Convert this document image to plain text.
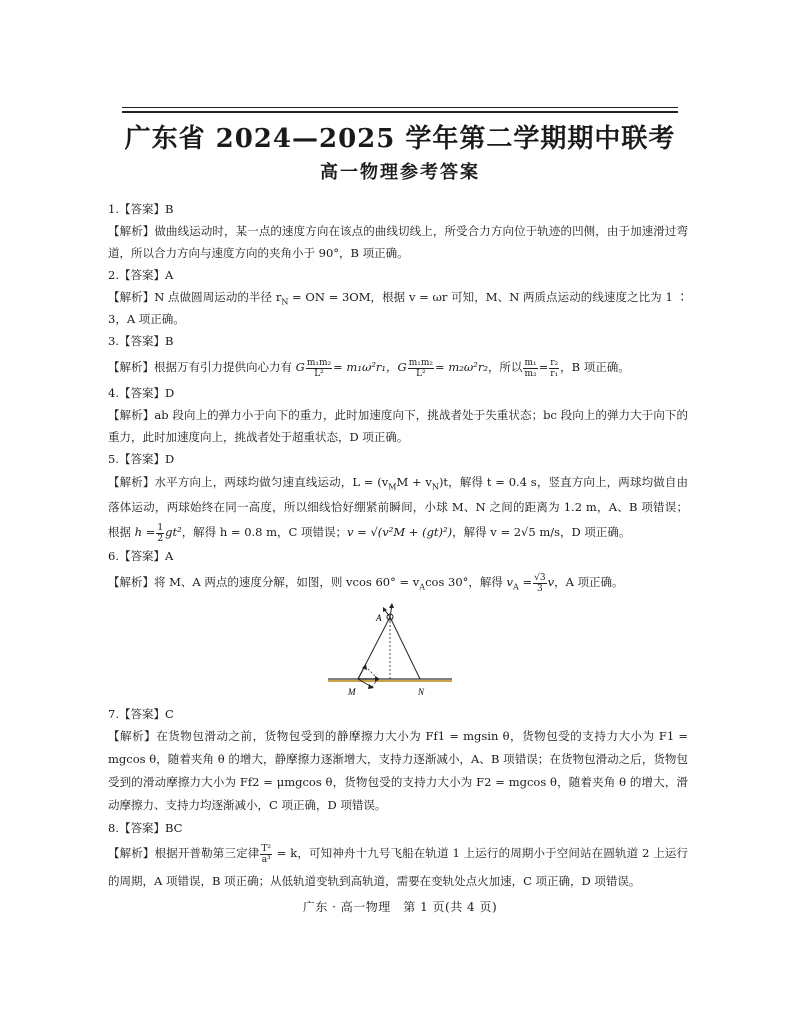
广东省 2024—2025 学年第二学期期中联考
高一物理参考答案
1.【答案】B
【解析】做曲线运动时，某一点的速度方向在该点的曲线切线上，所受合力方向位于轨迹的凹侧，由于加速滑过弯道，所以合力方向与速度方向的夹角小于 90°，B 项正确。
2.【答案】A
【解析】N 点做圆周运动的半径 $r_N$ = ON = 3OM，根据 v = ωr 可知，M、N 两质点运动的线速度之比为 1 ∶ 3，A 项正确。
3.【答案】B
【解析】根据万有引力提供向心力有 G $\frac{\text{m₁m₂}}{\text{L²}} = m_1\omega^2r_1$，G $\frac{\text{m₁m₂}}{\text{L²}} = m_2\omega^2r_2$，所以 $\frac{\text{m₁}}{\text{m₂}} = \frac{\text{r₂}}{\text{r₁}}$ ，B 项正确。
4.【答案】D
【解析】ab 段向上的弹力小于向下的重力，此时加速度向下，挑战者处于失重状态；bc 段向上的弹力大于向下的重力，此时加速度向上，挑战者处于超重状态，D 项正确。
5.【答案】D
【解析】水平方向上，两球均做匀速直线运动，$L = (v_MM + v_N)t$，解得 t = 0.4 s，竖直方向上，两球均做自由落体运动，两球始终在同一高度，所以细线恰好绷紧前瞬间，小球 M、N 之间的距离为 1.2 m，A、B 项错误；根据 $h = \frac{1}{2} gt^2$，解得 h = 0.8 m，C 项错误；v = √(v²M + (gt)²)，解得 v = 2√5 m/s，D 项正确。
6.【答案】A
【解析】将 M、A 两点的速度分解，如图，则 vcos $60^\circ = v_A\cos$ 30°，解得 $v_A = \frac{√3}{3}$ v，A 项正确。
A
M	N
7.【答案】C
【解析】在货物包滑动之前，货物包受到的静摩擦力大小为 Ff1 = mgsin θ，货物包受的支持力大小为 F1 = mgcos θ，随着夹角 θ 的增大，静摩擦力逐渐增大，支持力逐渐减小，A、B 项错误；在货物包滑动之后，货物包受到的滑动摩擦力大小为 Ff2 = μmgcos θ，货物包受的支持力大小为 F2 = mgcos θ，随着夹角 θ 的增大，滑动摩擦力、支持力均逐渐减小，C 项正确，D 项错误。
8.【答案】BC
【解析】根据开普勒第三定律 $\frac{\text{T²}}{\text{a³}} = k$，可知神舟十九号飞船在轨道 1 上运行的周期小于空间站在圆轨道 2 上运行的周期，A 项错误，B 项正确；从低轨道变轨到高轨道，需要在变轨处点火加速，C 项正确，D 项错误。
广东 · 高一物理　第 1 页(共 4 页)
